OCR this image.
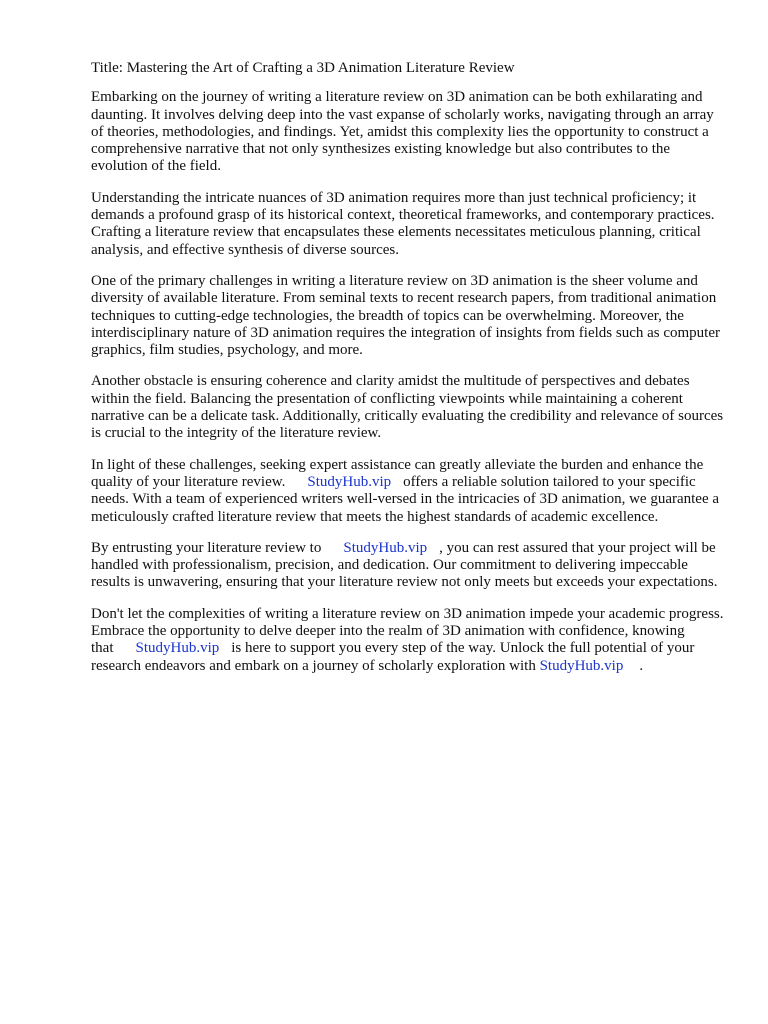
Title: Mastering the Art of Crafting a 3D Animation Literature Review

Embarking on the journey of writing a literature review on 3D animation can be both exhilarating and daunting. It involves delving deep into the vast expanse of scholarly works, navigating through an array of theories, methodologies, and findings. Yet, amidst this complexity lies the opportunity to construct a comprehensive narrative that not only synthesizes existing knowledge but also contributes to the evolution of the field.

Understanding the intricate nuances of 3D animation requires more than just technical proficiency; it demands a profound grasp of its historical context, theoretical frameworks, and contemporary practices. Crafting a literature review that encapsulates these elements necessitates meticulous planning, critical analysis, and effective synthesis of diverse sources.

One of the primary challenges in writing a literature review on 3D animation is the sheer volume and diversity of available literature. From seminal texts to recent research papers, from traditional animation techniques to cutting-edge technologies, the breadth of topics can be overwhelming. Moreover, the interdisciplinary nature of 3D animation requires the integration of insights from fields such as computer graphics, film studies, psychology, and more.

Another obstacle is ensuring coherence and clarity amidst the multitude of perspectives and debates within the field. Balancing the presentation of conflicting viewpoints while maintaining a coherent narrative can be a delicate task. Additionally, critically evaluating the credibility and relevance of sources is crucial to the integrity of the literature review.

In light of these challenges, seeking expert assistance can greatly alleviate the burden and enhance the quality of your literature review. StudyHub.vip offers a reliable solution tailored to your specific needs. With a team of experienced writers well-versed in the intricacies of 3D animation, we guarantee a meticulously crafted literature review that meets the highest standards of academic excellence.

By entrusting your literature review to StudyHub.vip , you can rest assured that your project will be handled with professionalism, precision, and dedication. Our commitment to delivering impeccable results is unwavering, ensuring that your literature review not only meets but exceeds your expectations.

Don't let the complexities of writing a literature review on 3D animation impede your academic progress. Embrace the opportunity to delve deeper into the realm of 3D animation with confidence, knowing that StudyHub.vip is here to support you every step of the way. Unlock the full potential of your research endeavors and embark on a journey of scholarly exploration with StudyHub.vip .
